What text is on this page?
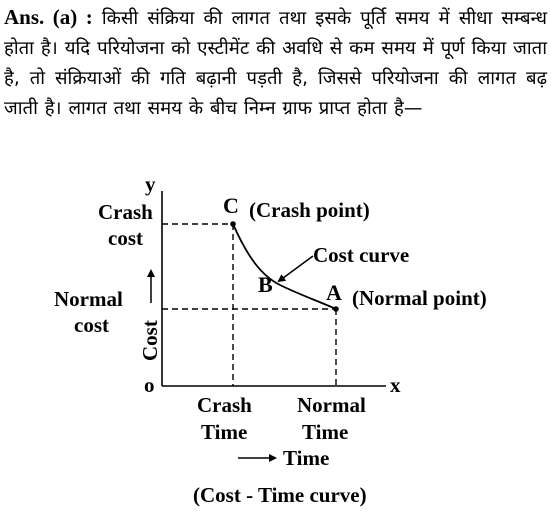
Ans. (a) : किसी संक्रिया की लागत तथा इसके पूर्ति समय में सीधा सम्बन्ध होता है। यदि परियोजना को एस्टीमेंट की अवधि से कम समय में पूर्ण किया जाता है, तो संक्रियाओं की गति बढ़ानी पड़ती है, जिससे परियोजना की लागत बढ़ जाती है। लागत तथा समय के बीच निम्न ग्राफ प्राप्त होता है—
y
x
o
Cost curve
C (Crash point)
B A (Normal point)
Crash
cost
Normal
cost Cost
Crash
Time
Normal
Time
Time
(Cost - Time curve)
